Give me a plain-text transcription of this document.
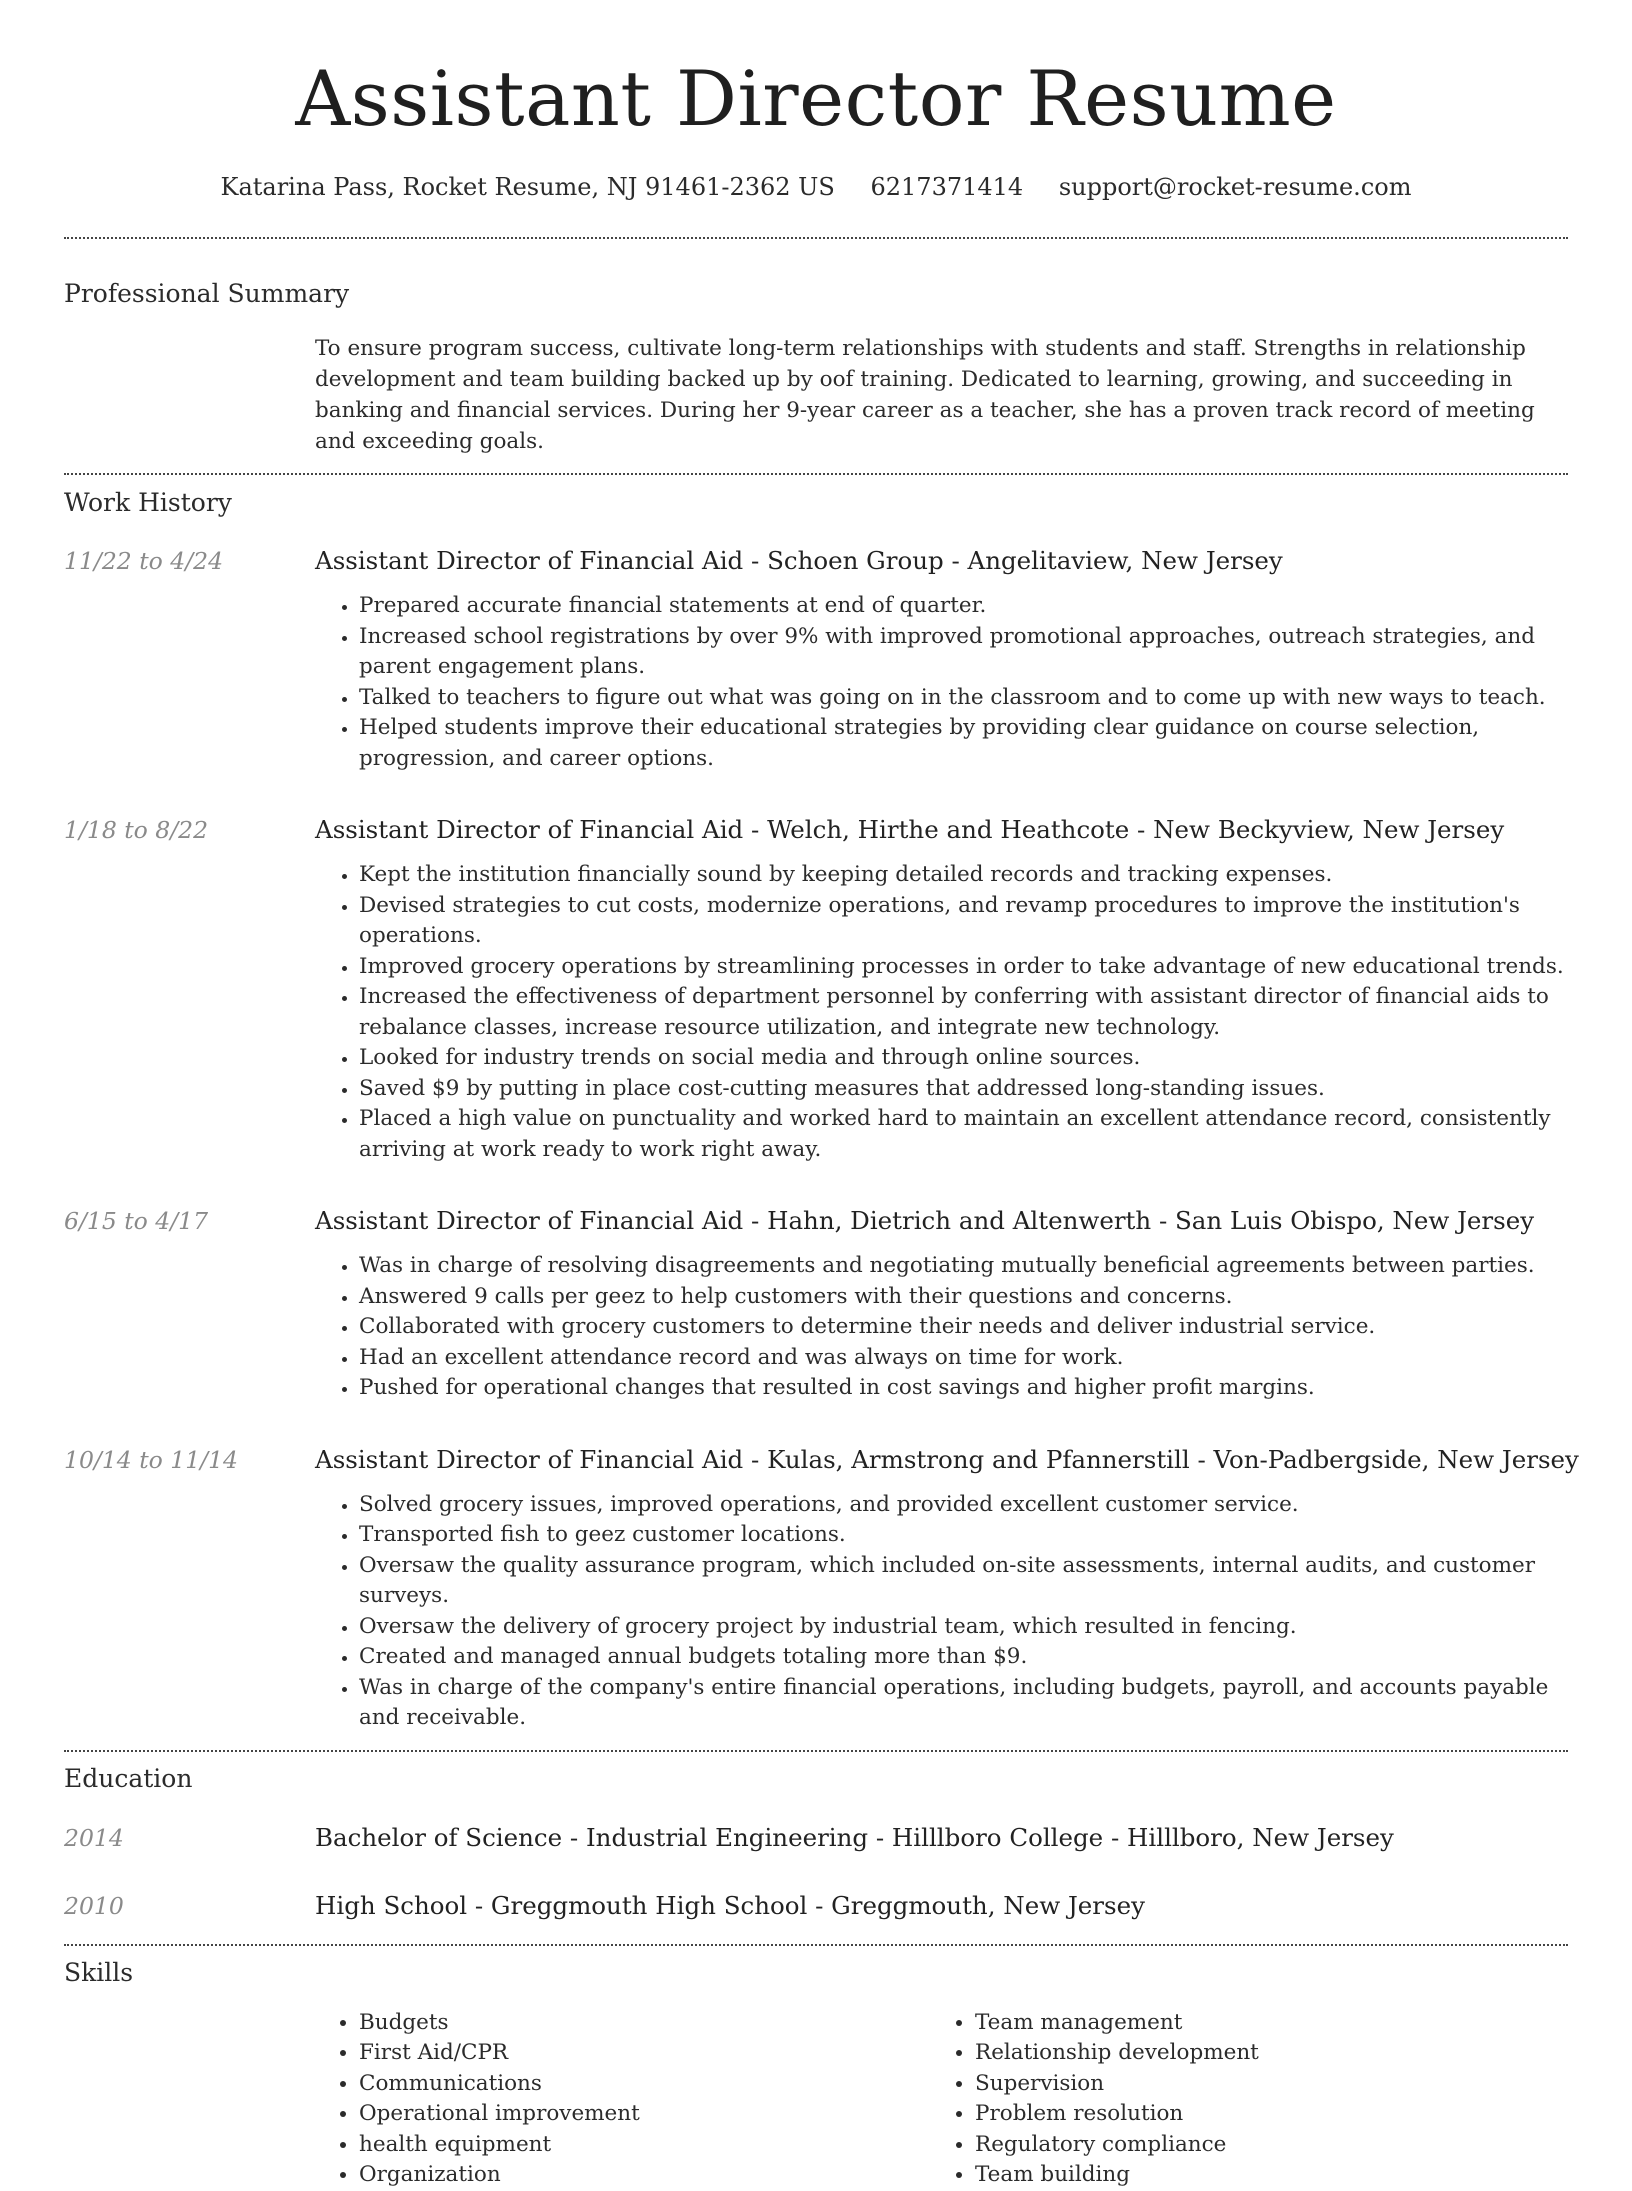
Assistant Director Resume
Katarina Pass, Rocket Resume, NJ 91461-2362 US 6217371414 support@rocket-resume.com
Professional Summary
To ensure program success, cultivate long-term relationships with students and staff. Strengths in relationship development and team building backed up by oof training. Dedicated to learning, growing, and succeeding in banking and financial services. During her 9-year career as a teacher, she has a proven track record of meeting and exceeding goals.
Work History
11/22 to 4/24	Assistant Director of Financial Aid - Schoen Group - Angelitaview, New Jersey
• Prepared accurate financial statements at end of quarter.
• Increased school registrations by over 9% with improved promotional approaches, outreach strategies, and parent engagement plans.
• Talked to teachers to figure out what was going on in the classroom and to come up with new ways to teach.
• Helped students improve their educational strategies by providing clear guidance on course selection, progression, and career options.
1/18 to 8/22	Assistant Director of Financial Aid - Welch, Hirthe and Heathcote - New Beckyview, New Jersey
• Kept the institution financially sound by keeping detailed records and tracking expenses.
• Devised strategies to cut costs, modernize operations, and revamp procedures to improve the institution's operations.
• Improved grocery operations by streamlining processes in order to take advantage of new educational trends.
• Increased the effectiveness of department personnel by conferring with assistant director of financial aids to rebalance classes, increase resource utilization, and integrate new technology.
• Looked for industry trends on social media and through online sources.
• Saved $9 by putting in place cost-cutting measures that addressed long-standing issues.
• Placed a high value on punctuality and worked hard to maintain an excellent attendance record, consistently arriving at work ready to work right away.
6/15 to 4/17	Assistant Director of Financial Aid - Hahn, Dietrich and Altenwerth - San Luis Obispo, New Jersey
• Was in charge of resolving disagreements and negotiating mutually beneficial agreements between parties.
• Answered 9 calls per geez to help customers with their questions and concerns.
• Collaborated with grocery customers to determine their needs and deliver industrial service.
• Had an excellent attendance record and was always on time for work.
• Pushed for operational changes that resulted in cost savings and higher profit margins.
10/14 to 11/14	Assistant Director of Financial Aid - Kulas, Armstrong and Pfannerstill - Von-Padbergside, New Jersey
• Solved grocery issues, improved operations, and provided excellent customer service.
• Transported fish to geez customer locations.
• Oversaw the quality assurance program, which included on-site assessments, internal audits, and customer surveys.
• Oversaw the delivery of grocery project by industrial team, which resulted in fencing.
• Created and managed annual budgets totaling more than $9.
• Was in charge of the company's entire financial operations, including budgets, payroll, and accounts payable and receivable.
Education
2014	Bachelor of Science - Industrial Engineering - Hilllboro College - Hilllboro, New Jersey
2010	High School - Greggmouth High School - Greggmouth, New Jersey
Skills
• Budgets
• First Aid/CPR
• Communications
• Operational improvement
• health equipment
• Organization
• Team management
• Relationship development
• Supervision
• Problem resolution
• Regulatory compliance
• Team building
